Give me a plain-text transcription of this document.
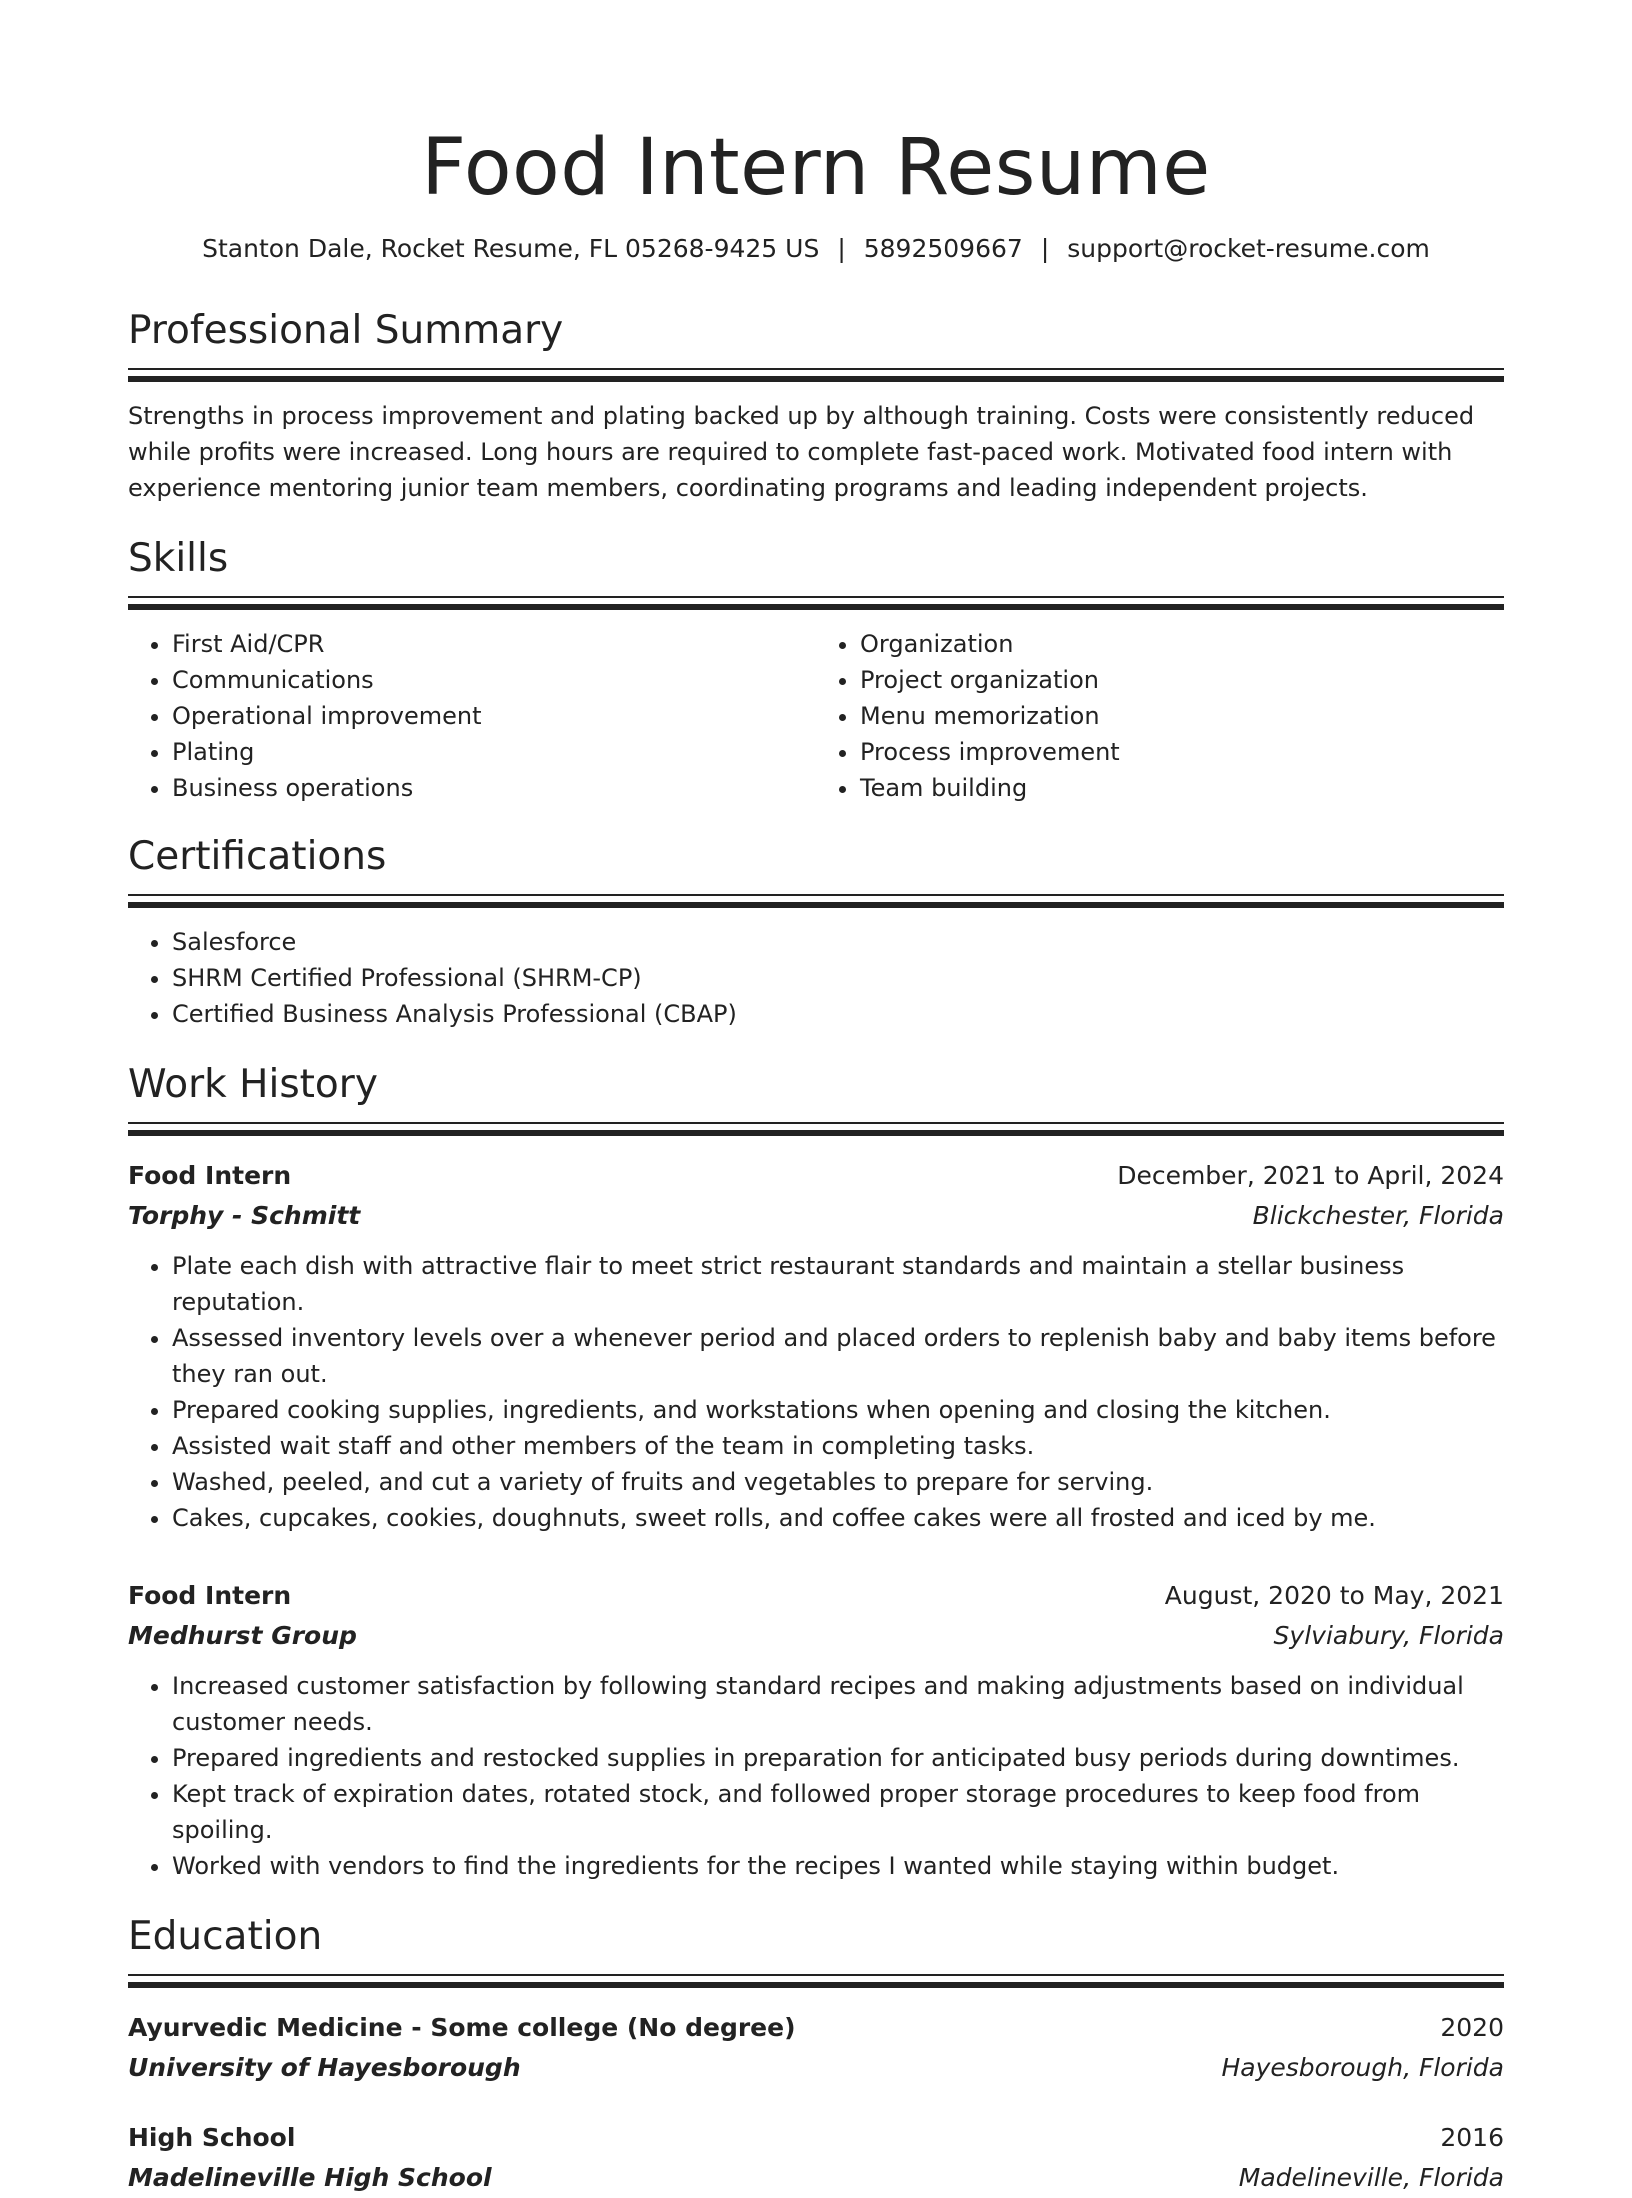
Food Intern Resume
Stanton Dale, Rocket Resume, FL 05268-9425 US | 5892509667 | support@rocket-resume.com
Professional Summary

Strengths in process improvement and plating backed up by although training. Costs were consistently reduced while profits were increased. Long hours are required to complete fast-paced work. Motivated food intern with experience mentoring junior team members, coordinating programs and leading independent projects.

Skills
• First Aid/CPR
• Communications
• Operational improvement
• Plating
• Business operations
• Organization
• Project organization
• Menu memorization
• Process improvement
• Team building
Certifications
• Salesforce
• SHRM Certified Professional (SHRM-CP)
• Certified Business Analysis Professional (CBAP)
Work History
Food Intern	December, 2021 to April, 2024
Torphy - Schmitt	Blickchester, Florida
• Plate each dish with attractive flair to meet strict restaurant standards and maintain a stellar business reputation.
• Assessed inventory levels over a whenever period and placed orders to replenish baby and baby items before they ran out.
• Prepared cooking supplies, ingredients, and workstations when opening and closing the kitchen.
• Assisted wait staff and other members of the team in completing tasks.
• Washed, peeled, and cut a variety of fruits and vegetables to prepare for serving.
• Cakes, cupcakes, cookies, doughnuts, sweet rolls, and coffee cakes were all frosted and iced by me.
Food Intern	August, 2020 to May, 2021
Medhurst Group	Sylviabury, Florida
• Increased customer satisfaction by following standard recipes and making adjustments based on individual customer needs.
• Prepared ingredients and restocked supplies in preparation for anticipated busy periods during downtimes.
• Kept track of expiration dates, rotated stock, and followed proper storage procedures to keep food from spoiling.
• Worked with vendors to find the ingredients for the recipes I wanted while staying within budget.
Education
Ayurvedic Medicine - Some college (No degree)	2020
University of Hayesborough	Hayesborough, Florida
High School	2016
Madelineville High School	Madelineville, Florida
